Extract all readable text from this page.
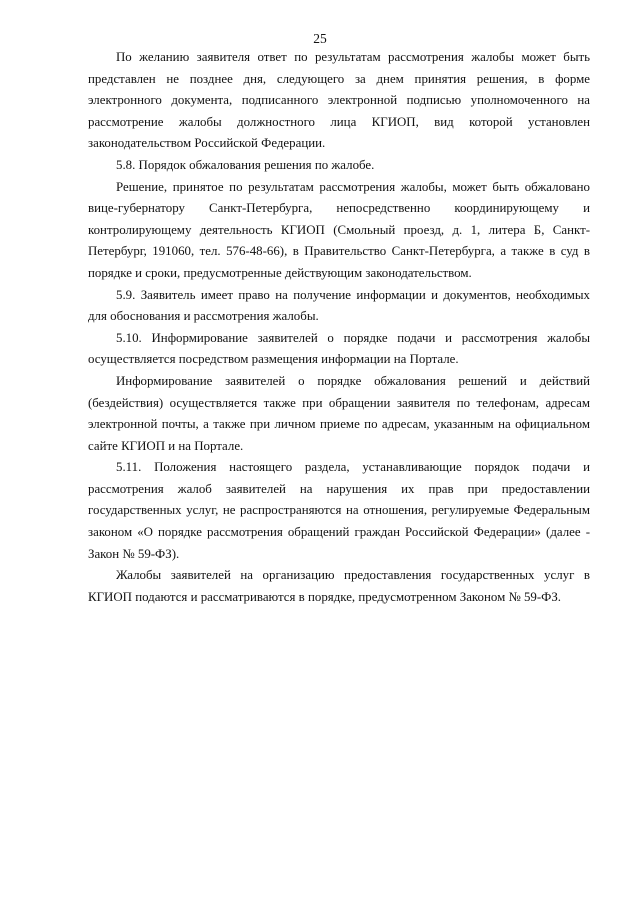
25

По желанию заявителя ответ по результатам рассмотрения жалобы может быть представлен не позднее дня, следующего за днем принятия решения, в форме электронного документа, подписанного электронной подписью уполномоченного на рассмотрение жалобы должностного лица КГИОП, вид которой установлен законодательством Российской Федерации.

5.8. Порядок обжалования решения по жалобе.

Решение, принятое по результатам рассмотрения жалобы, может быть обжаловано вице-губернатору Санкт-Петербурга, непосредственно координирующему и контролирующему деятельность КГИОП (Смольный проезд, д. 1, литера Б, Санкт-Петербург, 191060, тел. 576-48-66), в Правительство Санкт-Петербурга, а также в суд в порядке и сроки, предусмотренные действующим законодательством.

5.9. Заявитель имеет право на получение информации и документов, необходимых для обоснования и рассмотрения жалобы.

5.10. Информирование заявителей о порядке подачи и рассмотрения жалобы осуществляется посредством размещения информации на Портале.

Информирование заявителей о порядке обжалования решений и действий (бездействия) осуществляется также при обращении заявителя по телефонам, адресам электронной почты, а также при личном приеме по адресам, указанным на официальном сайте КГИОП и на Портале.

5.11. Положения настоящего раздела, устанавливающие порядок подачи и рассмотрения жалоб заявителей на нарушения их прав при предоставлении государственных услуг, не распространяются на отношения, регулируемые Федеральным законом «О порядке рассмотрения обращений граждан Российской Федерации» (далее - Закон № 59-ФЗ).

Жалобы заявителей на организацию предоставления государственных услуг в КГИОП подаются и рассматриваются в порядке, предусмотренном Законом № 59-ФЗ.
